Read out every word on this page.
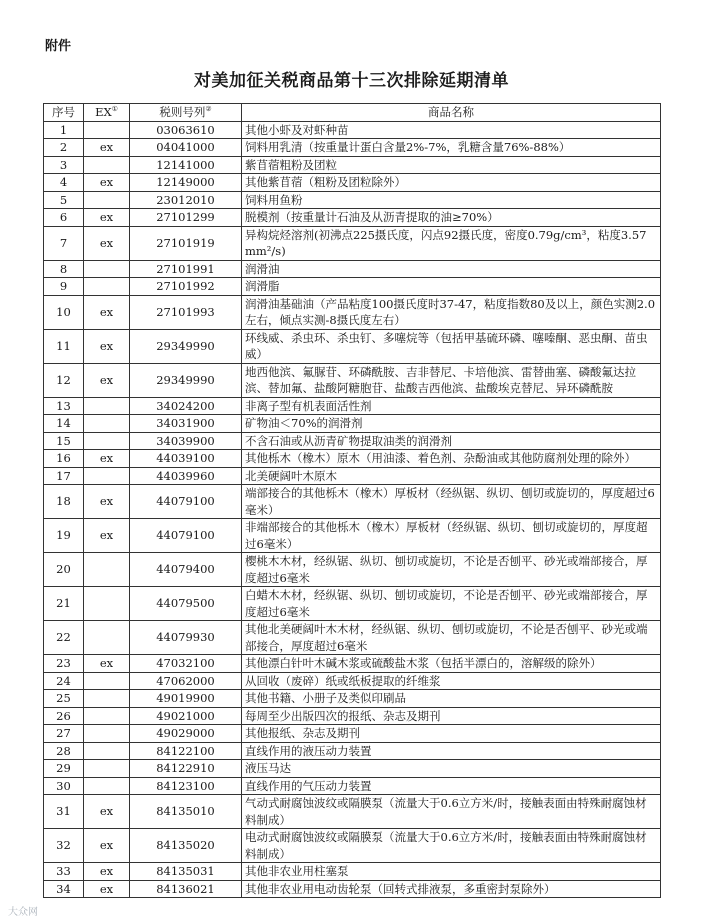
附件
对美加征关税商品第十三次排除延期清单
序号	EX①	税则号列②	商品名称
1		03063610	其他小虾及对虾种苗
2	ex	04041000	饲料用乳清（按重量计蛋白含量2%-7%，乳糖含量76%-88%）
3		12141000	紫苜蓿粗粉及团粒
4	ex	12149000	其他紫苜蓿（粗粉及团粒除外）
5		23012010	饲料用鱼粉
6	ex	27101299	脱模剂（按重量计石油及从沥青提取的油≥70%）
7	ex	27101919	异构烷烃溶剂(初沸点225摄氏度，闪点92摄氏度，密度0.79g/cm³，粘度3.57mm²/s)
8		27101991	润滑油
9		27101992	润滑脂
10	ex	27101993	润滑油基础油（产品粘度100摄氏度时37-47，粘度指数80及以上，颜色实测2.0左右，倾点实测-8摄氏度左右）
11	ex	29349990	环线威、杀虫环、杀虫钉、多噻烷等（包括甲基硫环磷、噻嗪酮、恶虫酮、苗虫威）
12	ex	29349990	地西他滨、氟脲苷、环磷酰胺、吉非替尼、卡培他滨、雷替曲塞、磷酸氟达拉滨、替加氟、盐酸阿糖胞苷、盐酸吉西他滨、盐酸埃克替尼、异环磷酰胺
13		34024200	非离子型有机表面活性剂
14		34031900	矿物油＜70%的润滑剂
15		34039900	不含石油或从沥青矿物提取油类的润滑剂
16	ex	44039100	其他栎木（橡木）原木（用油漆、着色剂、杂酚油或其他防腐剂处理的除外）
17		44039960	北美硬阔叶木原木
18	ex	44079100	端部接合的其他栎木（橡木）厚板材（经纵锯、纵切、刨切或旋切的，厚度超过6毫米）
19	ex	44079100	非端部接合的其他栎木（橡木）厚板材（经纵锯、纵切、刨切或旋切的，厚度超过6毫米）
20		44079400	樱桃木木材，经纵锯、纵切、刨切或旋切，不论是否刨平、砂光或端部接合，厚度超过6毫米
21		44079500	白蜡木木材，经纵锯、纵切、刨切或旋切，不论是否刨平、砂光或端部接合，厚度超过6毫米
22		44079930	其他北美硬阔叶木木材，经纵锯、纵切、刨切或旋切，不论是否刨平、砂光或端部接合，厚度超过6毫米
23	ex	47032100	其他漂白针叶木碱木浆或硫酸盐木浆（包括半漂白的，溶解级的除外）
24		47062000	从回收（废碎）纸或纸板提取的纤维浆
25		49019900	其他书籍、小册子及类似印刷品
26		49021000	每周至少出版四次的报纸、杂志及期刊
27		49029000	其他报纸、杂志及期刊
28		84122100	直线作用的液压动力装置
29		84122910	液压马达
30		84123100	直线作用的气压动力装置
31	ex	84135010	气动式耐腐蚀波纹或隔膜泵（流量大于0.6立方米/时，接触表面由特殊耐腐蚀材料制成）
32	ex	84135020	电动式耐腐蚀波纹或隔膜泵（流量大于0.6立方米/时，接触表面由特殊耐腐蚀材料制成）
33	ex	84135031	其他非农业用柱塞泵
34	ex	84136021	其他非农业用电动齿轮泵（回转式排液泵，多重密封泵除外）
大众网
